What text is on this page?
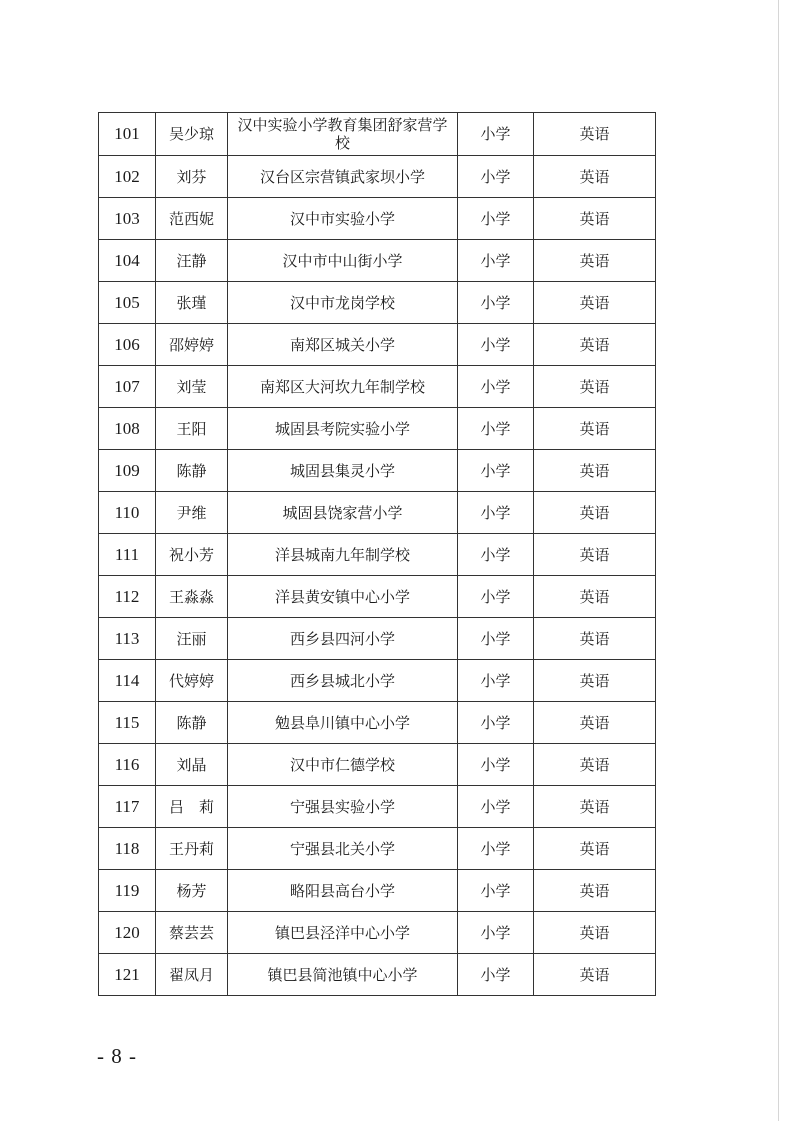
101	吴少琼	汉中实验小学教育集团舒家营学校	小学	英语
102	刘芬	汉台区宗营镇武家坝小学	小学	英语
103	范西妮	汉中市实验小学	小学	英语
104	汪静	汉中市中山街小学	小学	英语
105	张瑾	汉中市龙岗学校	小学	英语
106	邵婷婷	南郑区城关小学	小学	英语
107	刘莹	南郑区大河坎九年制学校	小学	英语
108	王阳	城固县考院实验小学	小学	英语
109	陈静	城固县集灵小学	小学	英语
110	尹维	城固县饶家营小学	小学	英语
111	祝小芳	洋县城南九年制学校	小学	英语
112	王淼淼	洋县黄安镇中心小学	小学	英语
113	汪丽	西乡县四河小学	小学	英语
114	代婷婷	西乡县城北小学	小学	英语
115	陈静	勉县阜川镇中心小学	小学	英语
116	刘晶	汉中市仁德学校	小学	英语
117	吕　莉	宁强县实验小学	小学	英语
118	王丹莉	宁强县北关小学	小学	英语
119	杨芳	略阳县高台小学	小学	英语
120	蔡芸芸	镇巴县泾洋中心小学	小学	英语
121	翟凤月	镇巴县简池镇中心小学	小学	英语
- 8 -
